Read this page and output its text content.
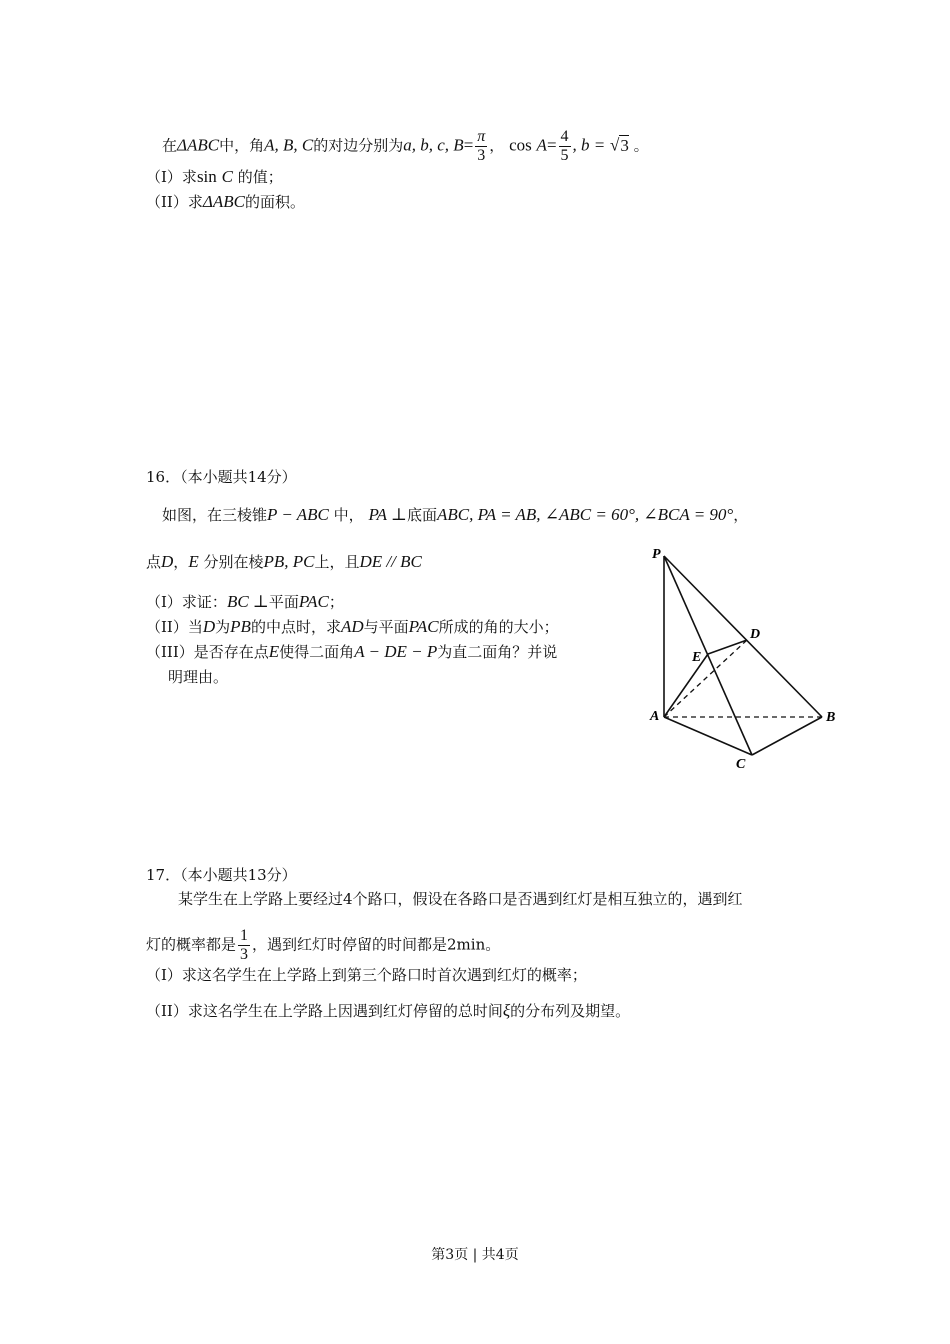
在ΔABC中，角A, B, C的对边分别为a, b, c, $B= \frac{\pi}{3}$ ， $\cos A= \frac{4}{5}$ , b = √3 。
（I）求sin C 的值；
（II）求ΔABC的面积。
16．（本小题共14分）
如图，在三棱锥P − ABC 中， PA ⊥底面ABC, PA = AB, ∠ABC = 60°, ∠BCA = 90°，
点D，E 分别在棱PB, PC上，且DE // BC
（I）求证：BC ⊥平面PAC；
（II）当D为PB的中点时，求AD与平面PAC所成的角的大小；
（III）是否存在点E使得二面角A − DE − P为直二面角？并说
明理由。
P
A	B
C
D
E
17．（本小题共13分）
某学生在上学路上要经过4个路口，假设在各路口是否遇到红灯是相互独立的，遇到红
灯的概率都是 $\frac{1}{3}$ ，遇到红灯时停留的时间都是2min。
（I）求这名学生在上学路上到第三个路口时首次遇到红灯的概率；
（II）求这名学生在上学路上因遇到红灯停留的总时间ξ的分布列及期望。
第3页 | 共4页
